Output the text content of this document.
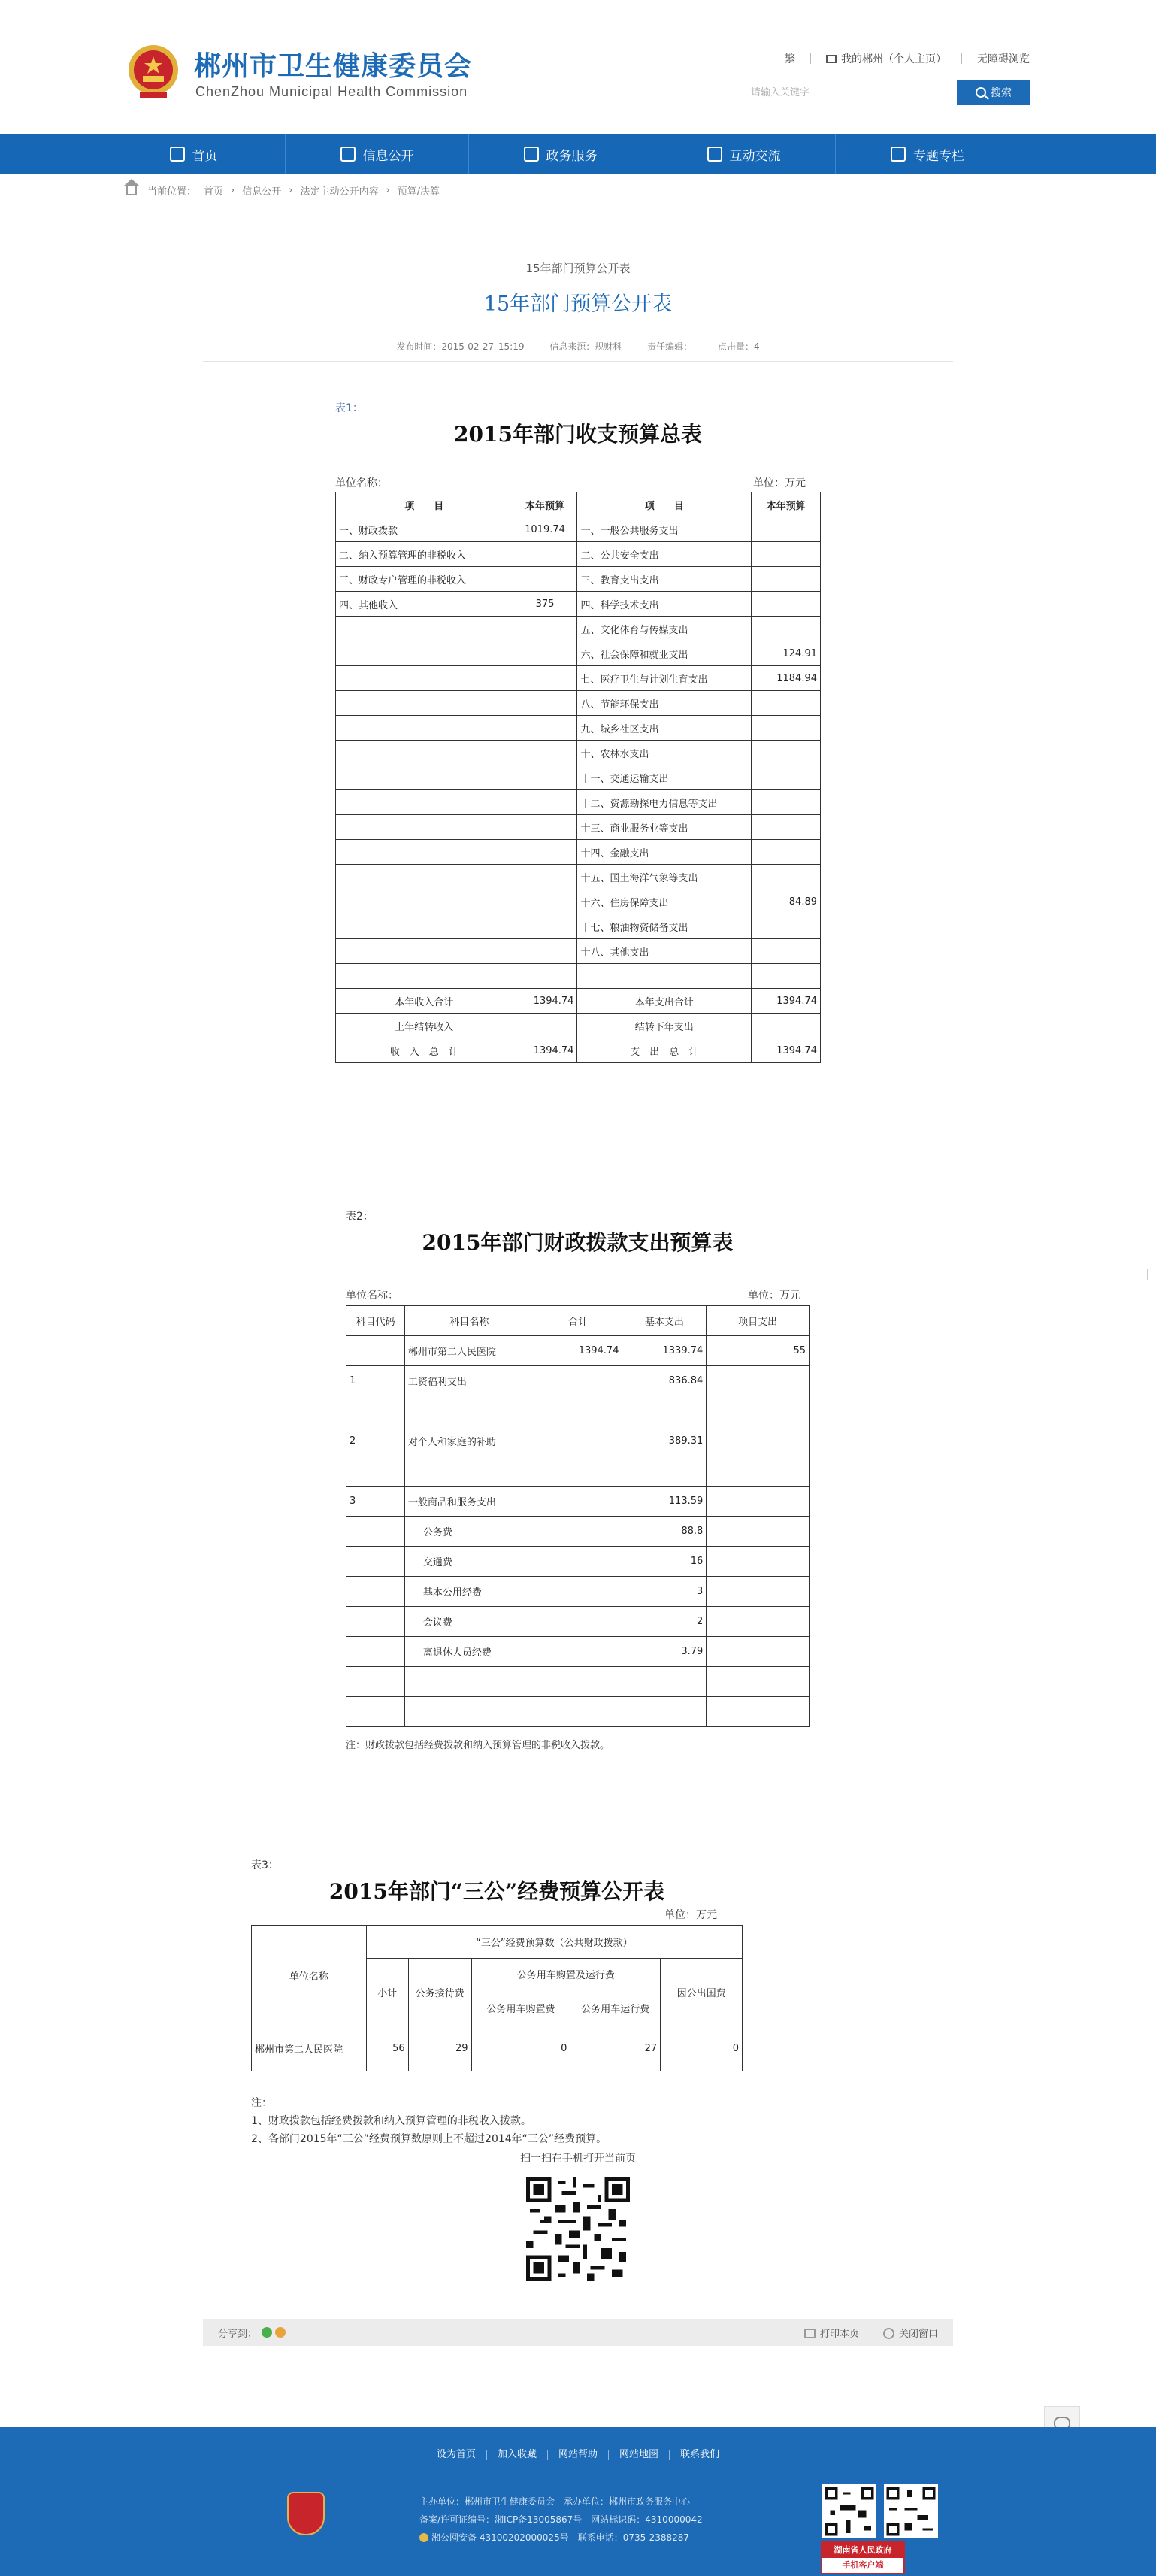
郴州市卫生健康委员会
ChenZhou Municipal Health Commission
繁	我的郴州（个人主页）	无障碍浏览
请输入关键字
搜索
首页	信息公开	政务服务	互动交流	专题专栏
当前位置： 首页 › 信息公开 › 法定主动公开内容 › 预算/决算
15年部门预算公开表
15年部门预算公开表
发布时间：2015-02-27 15:19	信息来源：规财科	责任编辑：	点击量：4
表1：
2015年部门收支预算总表
单位名称：	单位：万元
项　　目	本年预算	项　　目	本年预算
一、财政拨款	1019.74	一、一般公共服务支出	
二、纳入预算管理的非税收入		二、公共安全支出	
三、财政专户管理的非税收入		三、教育支出支出	
四、其他收入	375	四、科学技术支出	
		五、文化体育与传媒支出	
		六、社会保障和就业支出	124.91
		七、医疗卫生与计划生育支出	1184.94
		八、节能环保支出	
		九、城乡社区支出	
		十、农林水支出	
		十一、交通运输支出	
		十二、资源勘探电力信息等支出	
		十三、商业服务业等支出	
		十四、金融支出	
		十五、国土海洋气象等支出	
		十六、住房保障支出	84.89
		十七、粮油物资储备支出	
		十八、其他支出	

本年收入合计	1394.74	本年支出合计	1394.74
上年结转收入		结转下年支出	
收　入　总　计	1394.74	支　出　总　计	1394.74
表2：
2015年部门财政拨款支出预算表
单位名称：	单位：万元
科目代码	科目名称	合计	基本支出	项目支出
	郴州市第二人民医院	1394.74	1339.74	55
1	工资福利支出		836.84	

2	对个人和家庭的补助		389.31	

3	一般商品和服务支出		113.59	
	公务费		88.8	
	交通费		16	
	基本公用经费		3	
	会议费		2	
	离退休人员经费		3.79	

注：财政拨款包括经费拨款和纳入预算管理的非税收入拨款。
表3：
2015年部门“三公”经费预算公开表
单位：万元
单位名称	“三公”经费预算数（公共财政拨款）				
	小计	公务接待费	公务用车购置及运行费		因公出国费
			公务用车购置费	公务用车运行费	
郴州市第二人民医院	56	29	0	27	0
注：
1、财政拨款包括经费拨款和纳入预算管理的非税收入拨款。
2、各部门2015年“三公”经费预算数原则上不超过2014年“三公”经费预算。
扫一扫在手机打开当前页
分享到：	打印本页	关闭窗口
设为首页	加入收藏	网站帮助	网站地图	联系我们
主办单位：郴州市卫生健康委员会　承办单位：郴州市政务服务中心
备案/许可证编号：湘ICP备13005867号　网站标识码：4310000042
湘公网安备 43100202000025号　联系电话：0735-2388287
湖南省人民政府
手机客户端
